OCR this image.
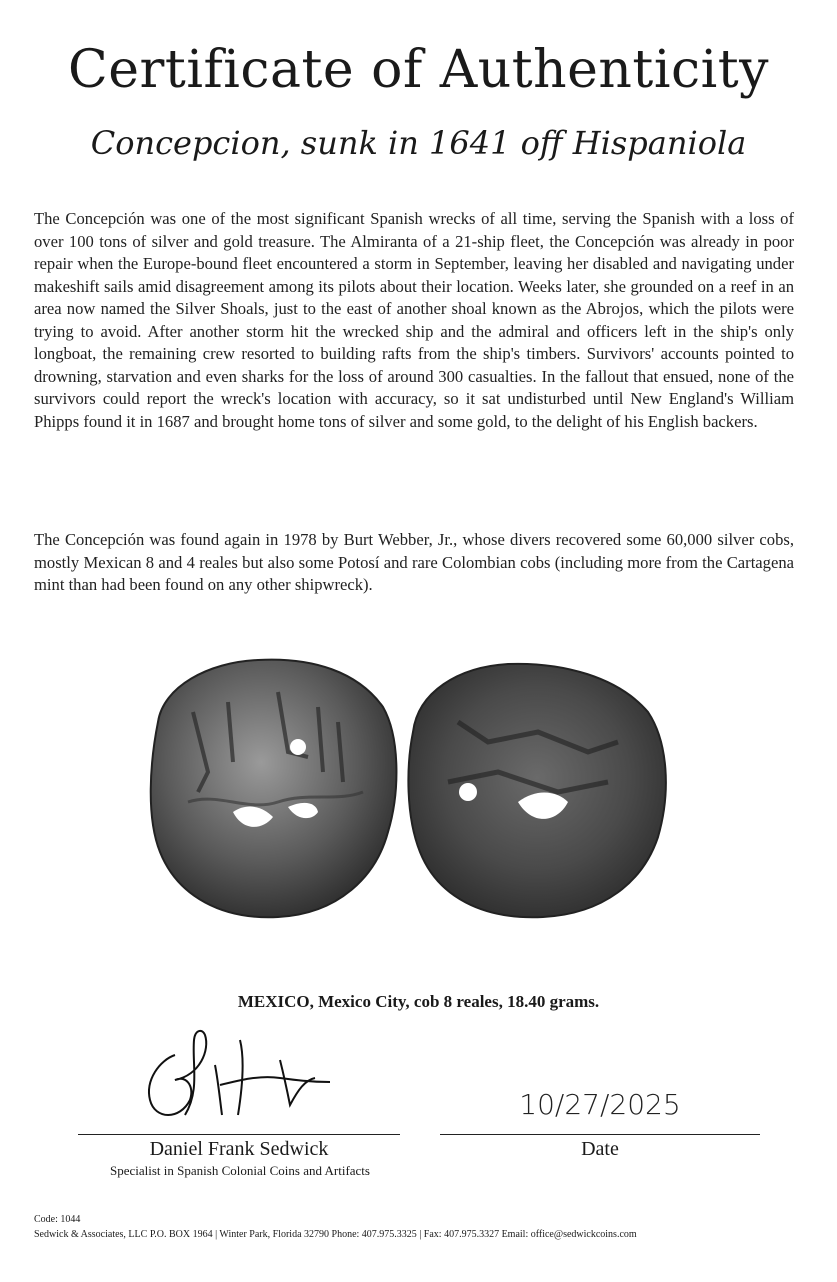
Certificate of Authenticity
Concepcion, sunk in 1641 off Hispaniola

The Concepción was one of the most significant Spanish wrecks of all time, serving the Spanish with a loss of over 100 tons of silver and gold treasure. The Almiranta of a 21-ship fleet, the Concepción was already in poor repair when the Europe-bound fleet encountered a storm in September, leaving her disabled and navigating under makeshift sails amid disagreement among its pilots about their location. Weeks later, she grounded on a reef in an area now named the Silver Shoals, just to the east of another shoal known as the Abrojos, which the pilots were trying to avoid. After another storm hit the wrecked ship and the admiral and officers left in the ship's only longboat, the remaining crew resorted to building rafts from the ship's timbers. Survivors' accounts pointed to drowning, starvation and even sharks for the loss of around 300 casualties. In the fallout that ensued, none of the survivors could report the wreck's location with accuracy, so it sat undisturbed until New England's William Phipps found it in 1687 and brought home tons of silver and some gold, to the delight of his English backers.

The Concepción was found again in 1978 by Burt Webber, Jr., whose divers recovered some 60,000 silver cobs, mostly Mexican 8 and 4 reales but also some Potosí and rare Colombian cobs (including more from the Cartagena mint than had been found on any other shipwreck).

MEXICO, Mexico City, cob 8 reales, 18.40 grams.
10/27/2025
Daniel Frank Sedwick
Specialist in Spanish Colonial Coins and Artifacts
Date
Code: 1044
Sedwick & Associates, LLC P.O. BOX 1964 | Winter Park, Florida 32790 Phone: 407.975.3325 | Fax: 407.975.3327 Email: office@sedwickcoins.com
